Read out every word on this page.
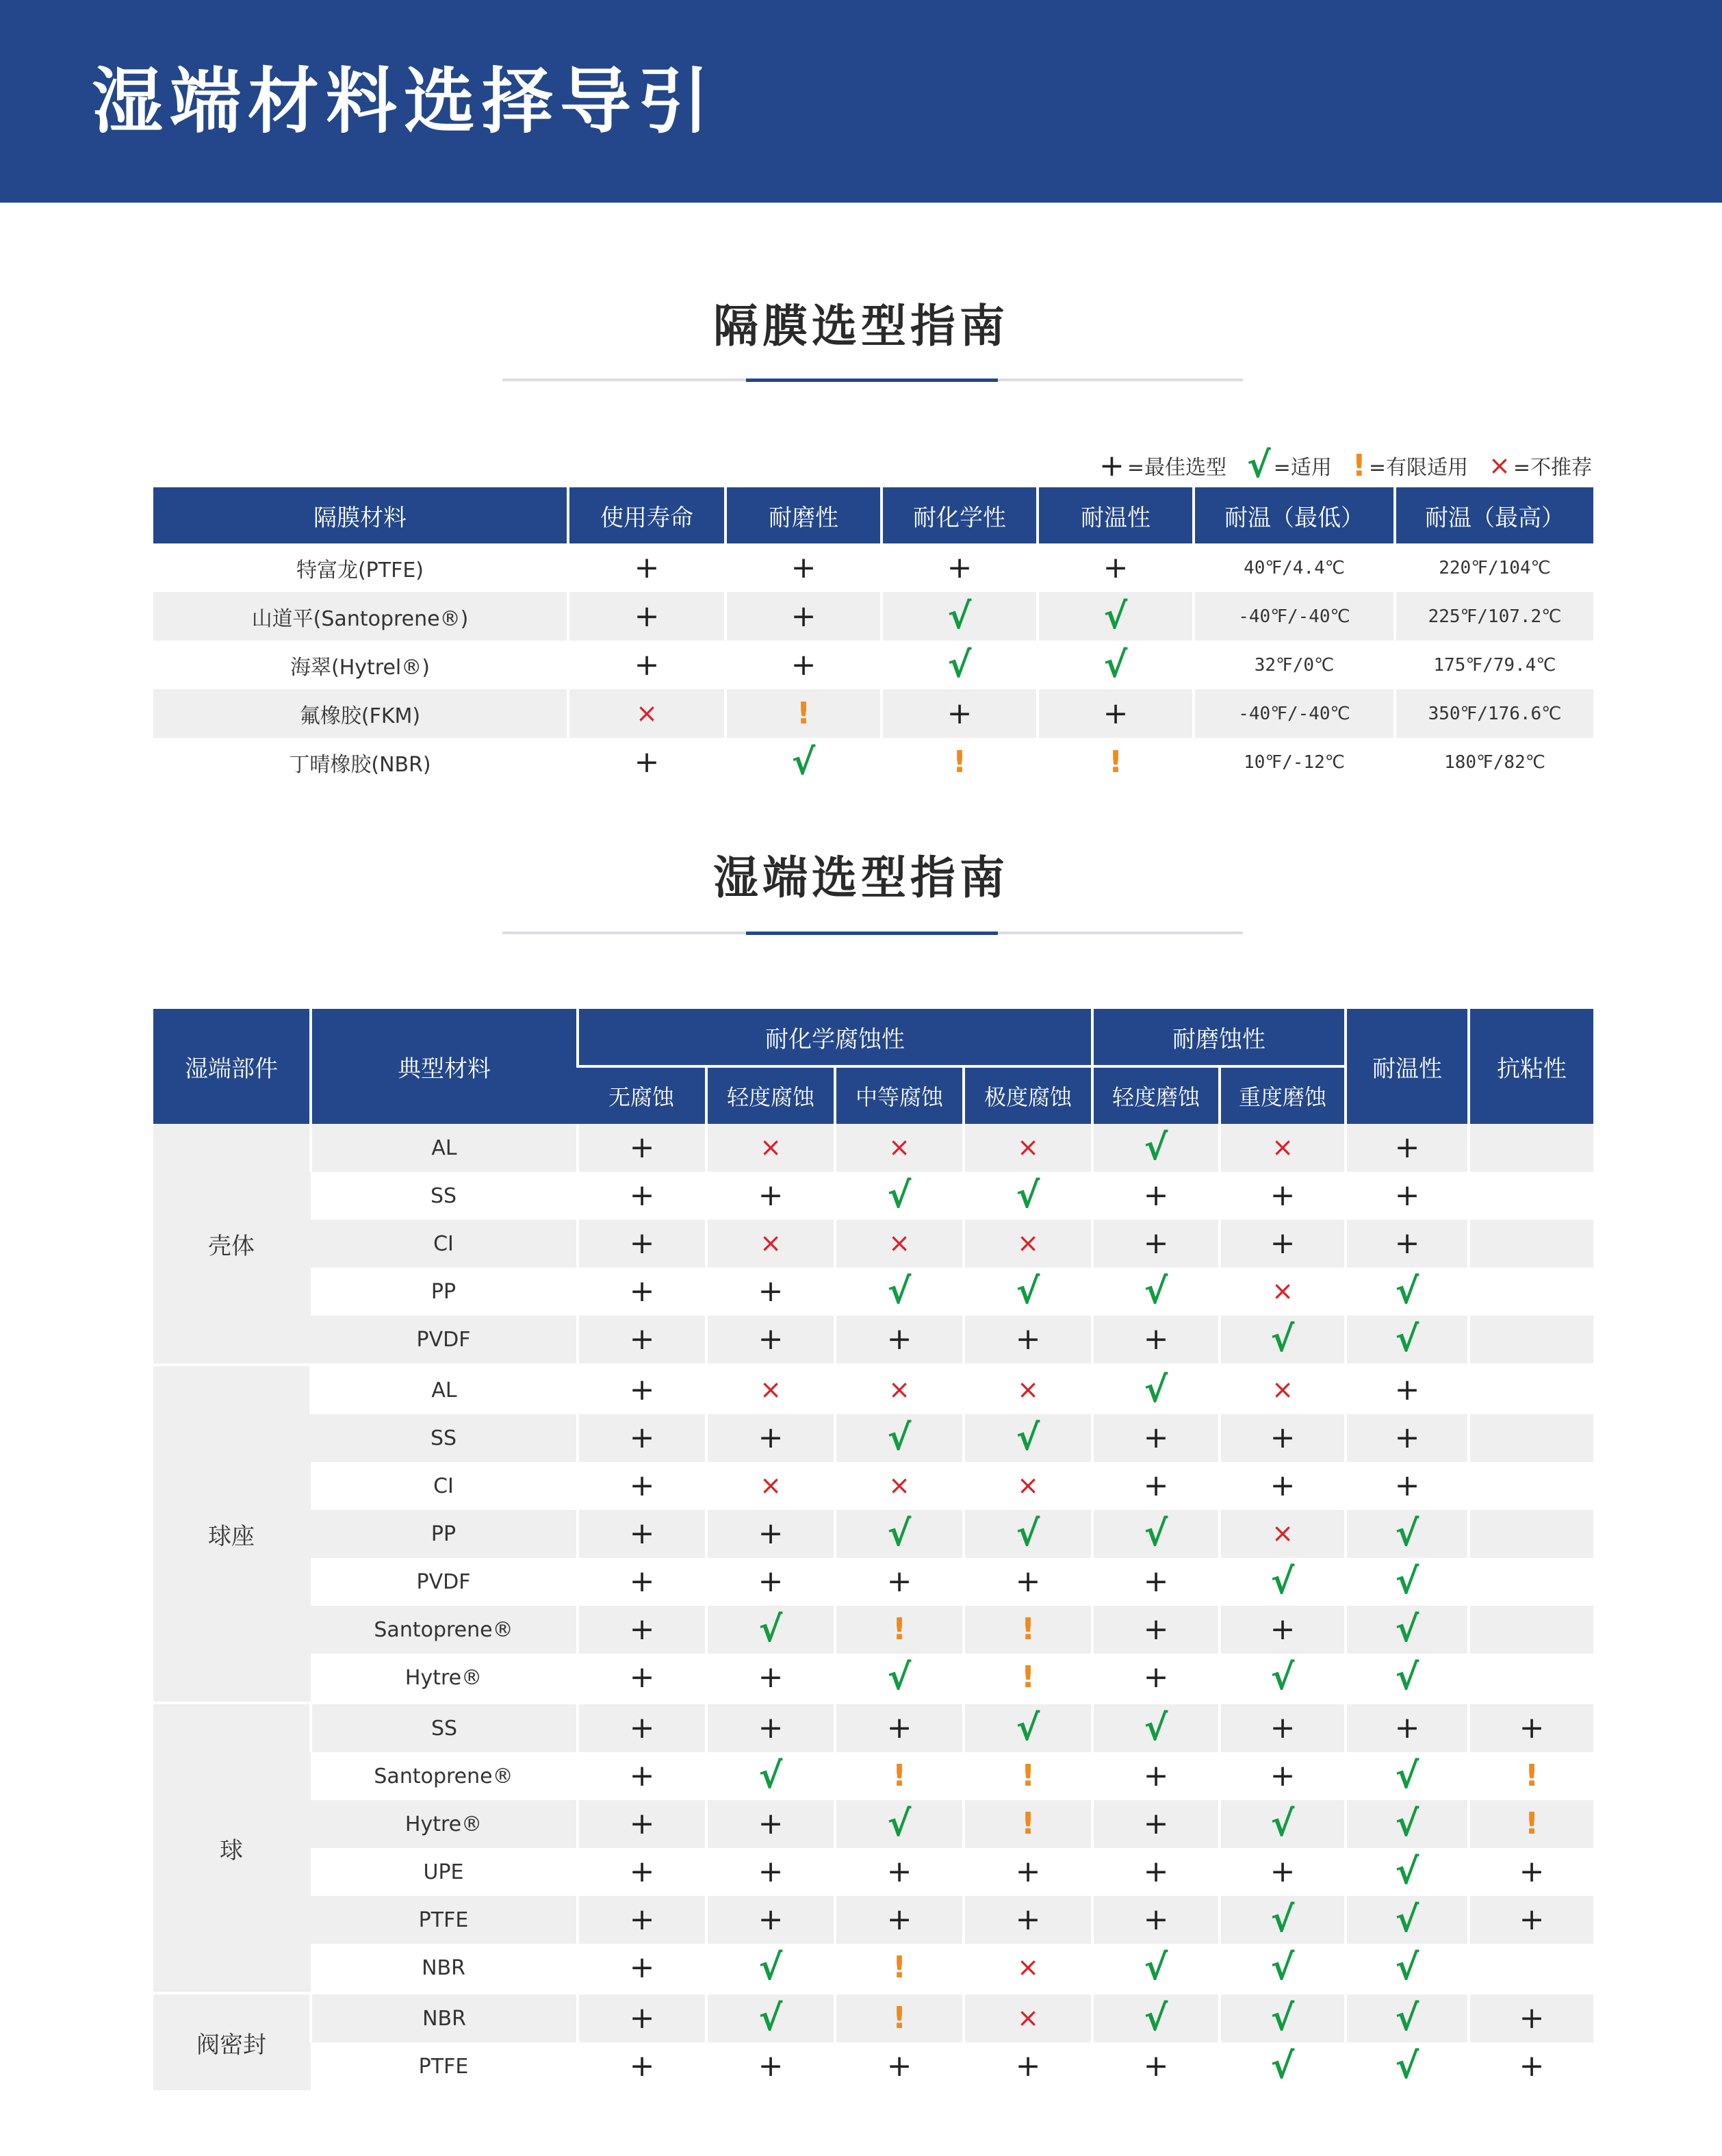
湿端材料选择导引
隔膜选型指南
+ =最佳选型 √ =适用 ! =有限适用 × =不推荐
隔膜材料	使用寿命	耐磨性	耐化学性	耐温性	耐温（最低）	耐温（最高）
特富龙(PTFE)	+	+	+	+	40℉/4.4℃	220℉/104℃
山道平(Santoprene®)	+	+	√	√	-40℉/-40℃	225℉/107.2℃
海翠(Hytrel®)	+	+	√	√	32℉/0℃	175℉/79.4℃
氟橡胶(FKM)	×	!	+	+	-40℉/-40℃	350℉/176.6℃
丁晴橡胶(NBR)	+	√	!	!	10℉/-12℃	180℉/82℃
湿端选型指南
湿端部件	典型材料	耐化学腐蚀性				耐磨蚀性		耐温性	抗粘性
		无腐蚀	轻度腐蚀	中等腐蚀	极度腐蚀	轻度磨蚀	重度磨蚀		
壳体	AL	+	×	×	×	√	×	+	
	SS	+	+	√	√	+	+	+	
	CI	+	×	×	×	+	+	+	
	PP	+	+	√	√	√	×	√	
	PVDF	+	+	+	+	+	√	√	
球座	AL	+	×	×	×	√	×	+	
	SS	+	+	√	√	+	+	+	
	CI	+	×	×	×	+	+	+	
	PP	+	+	√	√	√	×	√	
	PVDF	+	+	+	+	+	√	√	
	Santoprene®	+	√	!	!	+	+	√	
	Hytre®	+	+	√	!	+	√	√	
球	SS	+	+	+	√	√	+	+	+
	Santoprene®	+	√	!	!	+	+	√	!
	Hytre®	+	+	√	!	+	√	√	!
	UPE	+	+	+	+	+	+	√	+
	PTFE	+	+	+	+	+	√	√	+
	NBR	+	√	!	×	√	√	√	
阀密封	NBR	+	√	!	×	√	√	√	+
	PTFE	+	+	+	+	+	√	√	+
